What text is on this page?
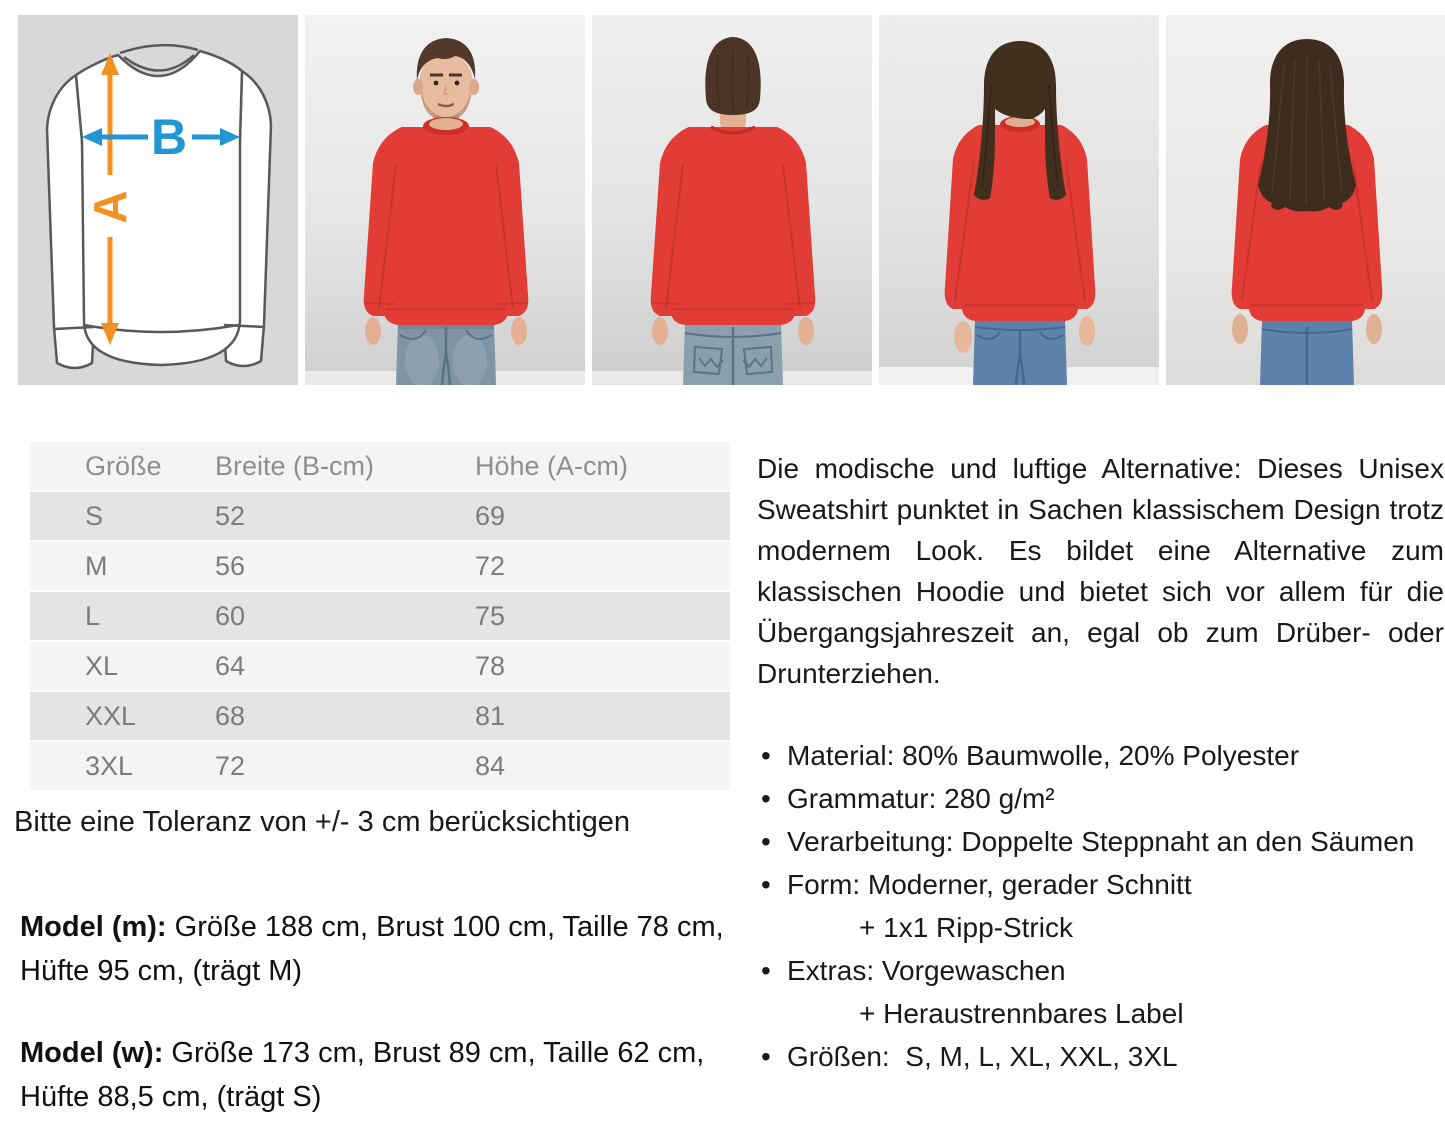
A
B
Größe	Breite (B-cm)	Höhe (A-cm)
S	52	69
M	56	72
L	60	75
XL	64	78
XXL	68	81
3XL	72	84
Bitte eine Toleranz von +/- 3 cm berücksichtigen

Model (m): Größe 188 cm, Brust 100 cm, Taille 78 cm, Hüfte 95 cm, (trägt M)

Model (w): Größe 173 cm, Brust 89 cm, Taille 62 cm, Hüfte 88,5 cm, (trägt S)

Die modische und luftige Alternative: Dieses Unisex Sweatshirt punktet in Sachen klassischem Design trotz modernem Look. Es bildet eine Alternative zum klassischen Hoodie und bietet sich vor allem für die Übergangsjahreszeit an, egal ob zum Drüber- oder Drunterziehen.

• Material: 80% Baumwolle, 20% Polyester
• Grammatur: 280 g/m²
• Verarbeitung: Doppelte Steppnaht an den Säumen
• Form: Moderner, gerader Schnitt
+ 1x1 Ripp-Strick
• Extras: Vorgewaschen
+ Heraustrennbares Label
• Größen:  S, M, L, XL, XXL, 3XL
